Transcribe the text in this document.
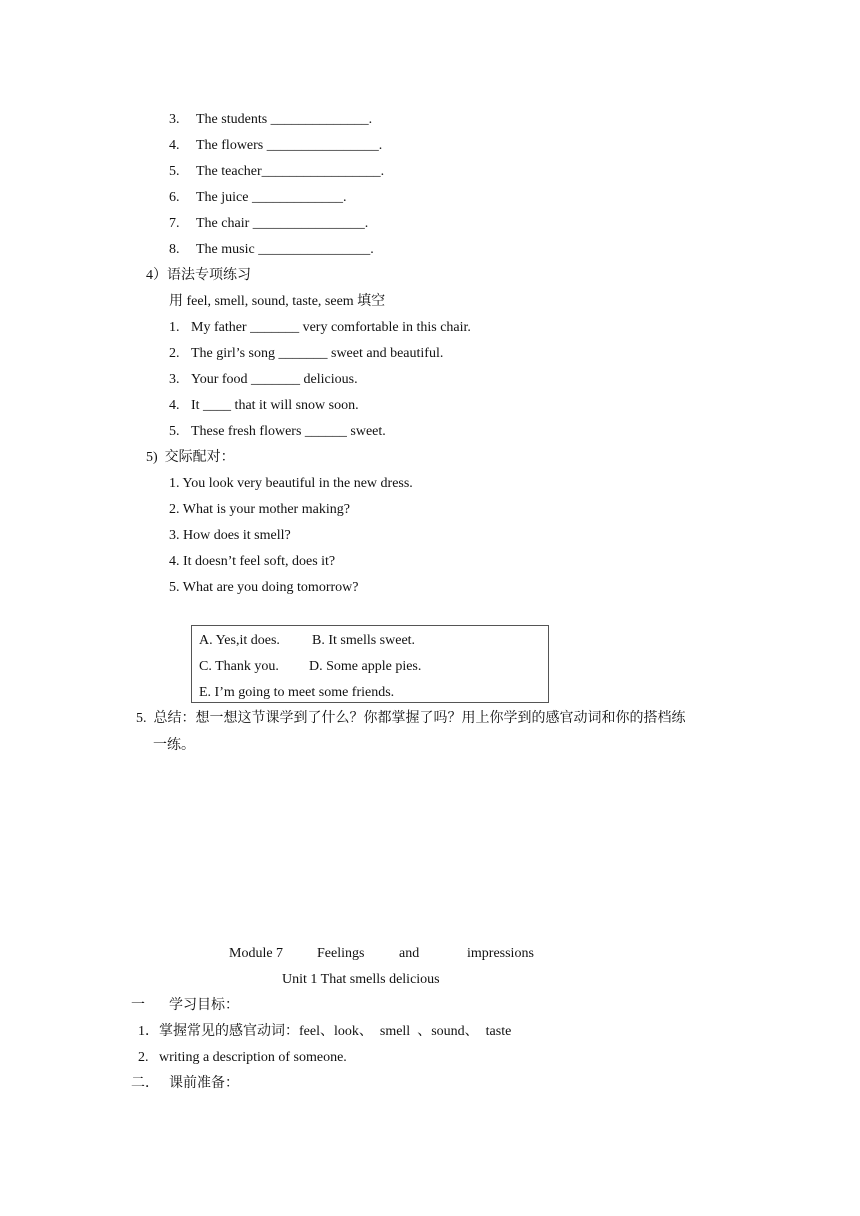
3. The students ______________.
4. The flowers ________________.
5. The teacher_________________.
6. The juice _____________.
7. The chair ________________.
8. The music ________________.
4）语法专项练习
用 feel, smell, sound, taste, seem 填空
1. My father _______ very comfortable in this chair.
2. The girl’s song _______ sweet and beautiful.
3. Your food _______ delicious.
4. It ____ that it will snow soon.
5. These fresh flowers ______ sweet.
5)  交际配对：
1. You look very beautiful in the new dress.
2. What is your mother making?
3. How does it smell?
4. It doesn’t feel soft, does it?
5. What are you doing tomorrow?
A. Yes,it does. B. It smells sweet.
C. Thank you. D. Some apple pies.
E. I’m going to meet some friends.
5.  总结：想一想这节课学到了什么？你都掌握了吗？用上你学到的感官动词和你的搭档练
一练。
Module 7 Feelings and	impressions
Unit 1 That smells delicious
一 学习目标：
1．掌握常见的感官动词：feel、look、  smell  、sound、  taste
2.   writing a description of someone.
二． 课前准备：
